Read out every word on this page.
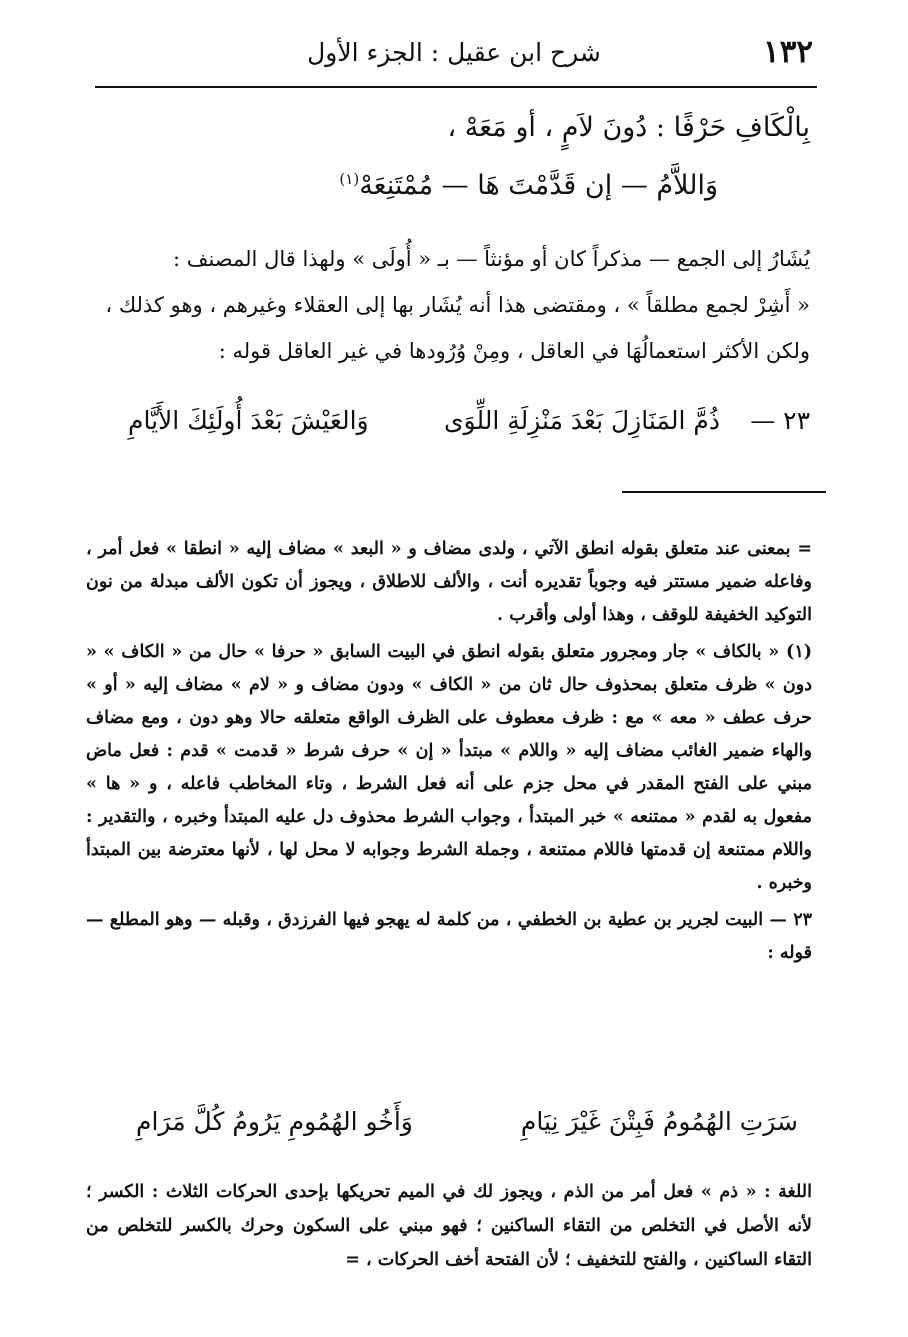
١٣٢
شرح ابن عقيل : الجزء الأول
بِالْكَافِ حَرْفًا : دُونَ لاَمٍ ، أو مَعَهْ ،
وَاللاَّمُ — إن قَدَّمْتَ هَا — مُمْتَنِعَهْ$^{(١)}$

يُشَارُ إلى الجمع — مذكراً كان أو مؤنثاً — بـ « أُولَى » ولهذا قال المصنف :

« أَشِرْ لجمع مطلقاً » ، ومقتضى هذا أنه يُشَار بها إلى العقلاء وغيرهم ، وهو كذلك ،

ولكن الأكثر استعمالُهَا في العاقل ، ومِنْ وُرُودها في غير العاقل قوله :

٢٣ —
ذُمَّ المَنَازِلَ بَعْدَ مَنْزِلَةِ اللِّوَى
وَالعَيْشَ بَعْدَ أُولَئِكَ الأَيَّامِ

= بمعنى عند متعلق بقوله انطق الآتي ، ولدى مضاف و « البعد » مضاف إليه « انطقا » فعل أمر ، وفاعله ضمير مستتر فيه وجوباً تقديره أنت ، والألف للاطلاق ، ويجوز أن تكون الألف مبدلة من نون التوكيد الخفيفة للوقف ، وهذا أولى وأقرب .

(١) « بالكاف » جار ومجرور متعلق بقوله انطق في البيت السابق « حرفا » حال من « الكاف » « دون » ظرف متعلق بمحذوف حال ثان من « الكاف » ودون مضاف و « لام » مضاف إليه « أو » حرف عطف « معه » مع : ظرف معطوف على الظرف الواقع متعلقه حالا وهو دون ، ومع مضاف والهاء ضمير الغائب مضاف إليه « واللام » مبتدأ « إن » حرف شرط « قدمت » قدم : فعل ماض مبني على الفتح المقدر في محل جزم على أنه فعل الشرط ، وتاء المخاطب فاعله ، و « ها » مفعول به لقدم « ممتنعه » خبر المبتدأ ، وجواب الشرط محذوف دل عليه المبتدأ وخبره ، والتقدير : واللام ممتنعة إن قدمتها فاللام ممتنعة ، وجملة الشرط وجوابه لا محل لها ، لأنها معترضة بين المبتدأ وخبره .

٢٣ — البيت لجرير بن عطية بن الخطفي ، من كلمة له يهجو فيها الفرزدق ، وقبله — وهو المطلع — قوله :

سَرَتِ الهُمُومُ فَبِتْنَ غَيْرَ نِيَامِ
وَأَخُو الهُمُومِ يَرُومُ كُلَّ مَرَامِ

اللغة : « ذم » فعل أمر من الذم ، ويجوز لك في الميم تحريكها بإحدى الحركات الثلاث : الكسر ؛ لأنه الأصل في التخلص من التقاء الساكنين ؛ فهو مبني على السكون وحرك بالكسر للتخلص من التقاء الساكنين ، والفتح للتخفيف ؛ لأن الفتحة أخف الحركات ، =
